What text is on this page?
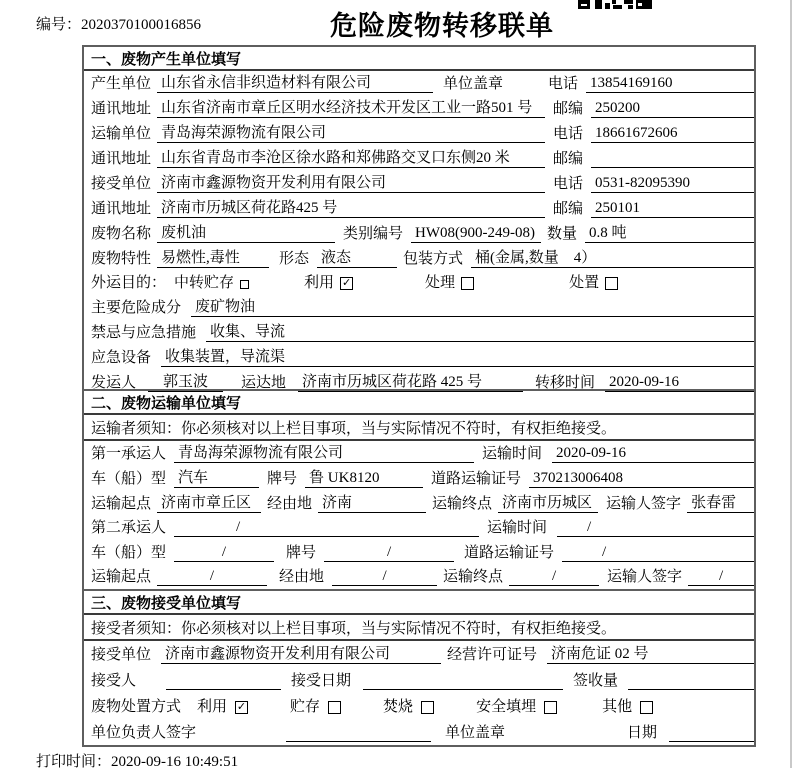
编号：2020370100016856	危险废物转移联单
一、废物产生单位填写
产生单位 山东省永信非织造材料有限公司	单位盖章	电话 13854169160
通讯地址 山东省济南市章丘区明水经济技术开发区工业一路501 号	邮编 250200
运输单位 青岛海荣源物流有限公司	电话 18661672606
通讯地址 山东省青岛市李沧区徐水路和郑佛路交叉口东侧20 米	邮编
接受单位 济南市鑫源物资开发利用有限公司	电话 0531-82095390
通讯地址 济南市历城区荷花路425 号	邮编 250101
废物名称 废机油	类别编号 HW08(900-249-08) 数量 0.8 吨
废物特性 易燃性,毒性	形态 液态	包装方式 桶(金属,数量　4）
外运目的： 中转贮存	利用 ✓	处理	处置
主要危险成分 废矿物油
禁忌与应急措施 收集、导流
应急设备 收集装置，导流渠
发运人	郭玉波	运达地 济南市历城区荷花路 425 号	转移时间 2020-09-16
二、废物运输单位填写
运输者须知：你必须核对以上栏目事项，当与实际情况不符时，有权拒绝接受。
第一承运人 青岛海荣源物流有限公司	运输时间 2020-09-16
车（船）型 汽车	牌号 鲁 UK8120	道路运输证号 370213006408
运输起点 济南市章丘区	经由地 济南	运输终点 济南市历城区 运输人签字 张春雷
第二承运人	/	运输时间	/
车（船）型	/	牌号	/	道路运输证号	/
运输起点	/	经由地	/	运输终点	/	运输人签字	/
三、废物接受单位填写
接受者须知：你必须核对以上栏目事项，当与实际情况不符时，有权拒绝接受。
接受单位 济南市鑫源物资开发利用有限公司	经营许可证号 济南危证 02 号
接受人	接受日期	签收量
废物处置方式 利用 ✓	贮存	焚烧	安全填埋	其他
单位负责人签字	单位盖章	日期
打印时间：2020-09-16 10:49:51
